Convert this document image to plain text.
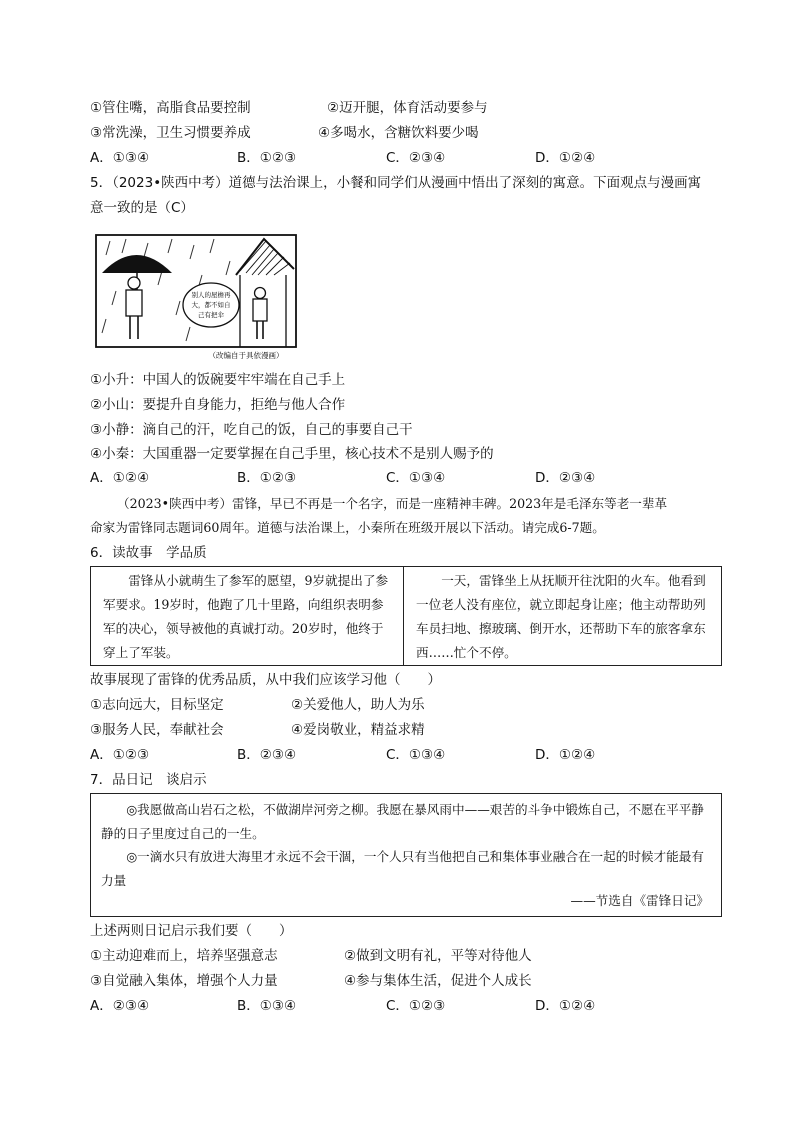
①管住嘴，高脂食品要控制	②迈开腿，体育活动要参与
③常洗澡，卫生习惯要养成	④多喝水，含糖饮料要少喝
A．①③④	B．①②③	C．②③④	D．①②④
5．（2023•陕西中考）道德与法治课上，小餐和同学们从漫画中悟出了深刻的寓意。下面观点与漫画寓
意一致的是（C）
别人的屋檐再
大，都不如自
己有把伞
（改编自于具依漫画）
①小升：中国人的饭碗要牢牢端在自己手上
②小山：要提升自身能力，拒绝与他人合作
③小静：滴自己的汗，吃自己的饭，自己的事要自己干
④小秦：大国重器一定要掌握在自己手里，核心技术不是别人赐予的
A．①②④	B．①②③	C．①③④	D．②③④
（2023•陕西中考）雷锋，早已不再是一个名字，而是一座精神丰碑。2023年是毛泽东等老一辈革
命家为雷锋同志题词60周年。道德与法治课上，小秦所在班级开展以下活动。请完成6-7题。
6．读故事　学品质

雷锋从小就萌生了参军的愿望，9岁就提出了参军要求。19岁时，他跑了几十里路，向组织表明参军的决心，领导被他的真诚打动。20岁时，他终于穿上了军装。

一天，雷锋坐上从抚顺开往沈阳的火车。他看到一位老人没有座位，就立即起身让座；他主动帮助列车员扫地、擦玻璃、倒开水，还帮助下车的旅客拿东西……忙个不停。

故事展现了雷锋的优秀品质，从中我们应该学习他（　　）
①志向远大，目标坚定	②关爱他人，助人为乐
③服务人民，奉献社会	④爱岗敬业，精益求精
A．①②③	B．②③④	C．①③④	D．①②④
7．品日记　谈启示

◎我愿做高山岩石之松，不做湖岸河旁之柳。我愿在暴风雨中——艰苦的斗争中锻炼自己，不愿在平平静静的日子里度过自己的一生。

◎一滴水只有放进大海里才永远不会干涸，一个人只有当他把自己和集体事业融合在一起的时候才能最有力量

——节选自《雷锋日记》
上述两则日记启示我们要（　　）
①主动迎难而上，培养坚强意志	②做到文明有礼，平等对待他人
③自觉融入集体，增强个人力量	④参与集体生活，促进个人成长
A．②③④	B．①③④	C．①②③	D．①②④
